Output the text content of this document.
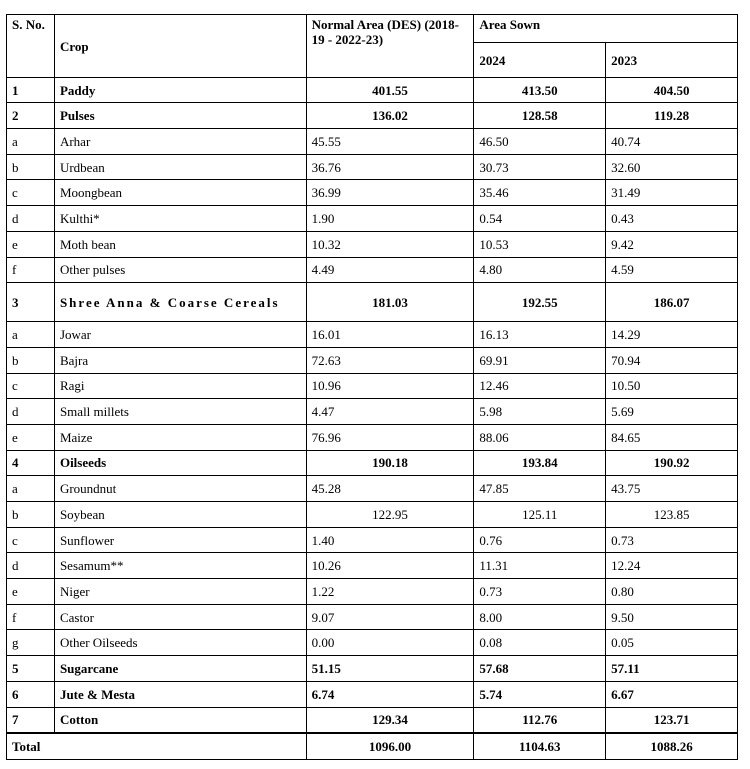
S. No.	Crop	Normal Area (DES) (2018-19 - 2022-23)	Area Sown	
			2024	2023
1	Paddy	401.55	413.50	404.50
2	Pulses	136.02	128.58	119.28
a	Arhar	45.55	46.50	40.74
b	Urdbean	36.76	30.73	32.60
c	Moongbean	36.99	35.46	31.49
d	Kulthi*	1.90	0.54	0.43
e	Moth bean	10.32	10.53	9.42
f	Other pulses	4.49	4.80	4.59
3	Shree Anna & Coarse Cereals	181.03	192.55	186.07
a	Jowar	16.01	16.13	14.29
b	Bajra	72.63	69.91	70.94
c	Ragi	10.96	12.46	10.50
d	Small millets	4.47	5.98	5.69
e	Maize	76.96	88.06	84.65
4	Oilseeds	190.18	193.84	190.92
a	Groundnut	45.28	47.85	43.75
b	Soybean	122.95	125.11	123.85
c	Sunflower	1.40	0.76	0.73
d	Sesamum**	10.26	11.31	12.24
e	Niger	1.22	0.73	0.80
f	Castor	9.07	8.00	9.50
g	Other Oilseeds	0.00	0.08	0.05
5	Sugarcane	51.15	57.68	57.11
6	Jute & Mesta	6.74	5.74	6.67
7	Cotton	129.34	112.76	123.71
Total		1096.00	1104.63	1088.26
